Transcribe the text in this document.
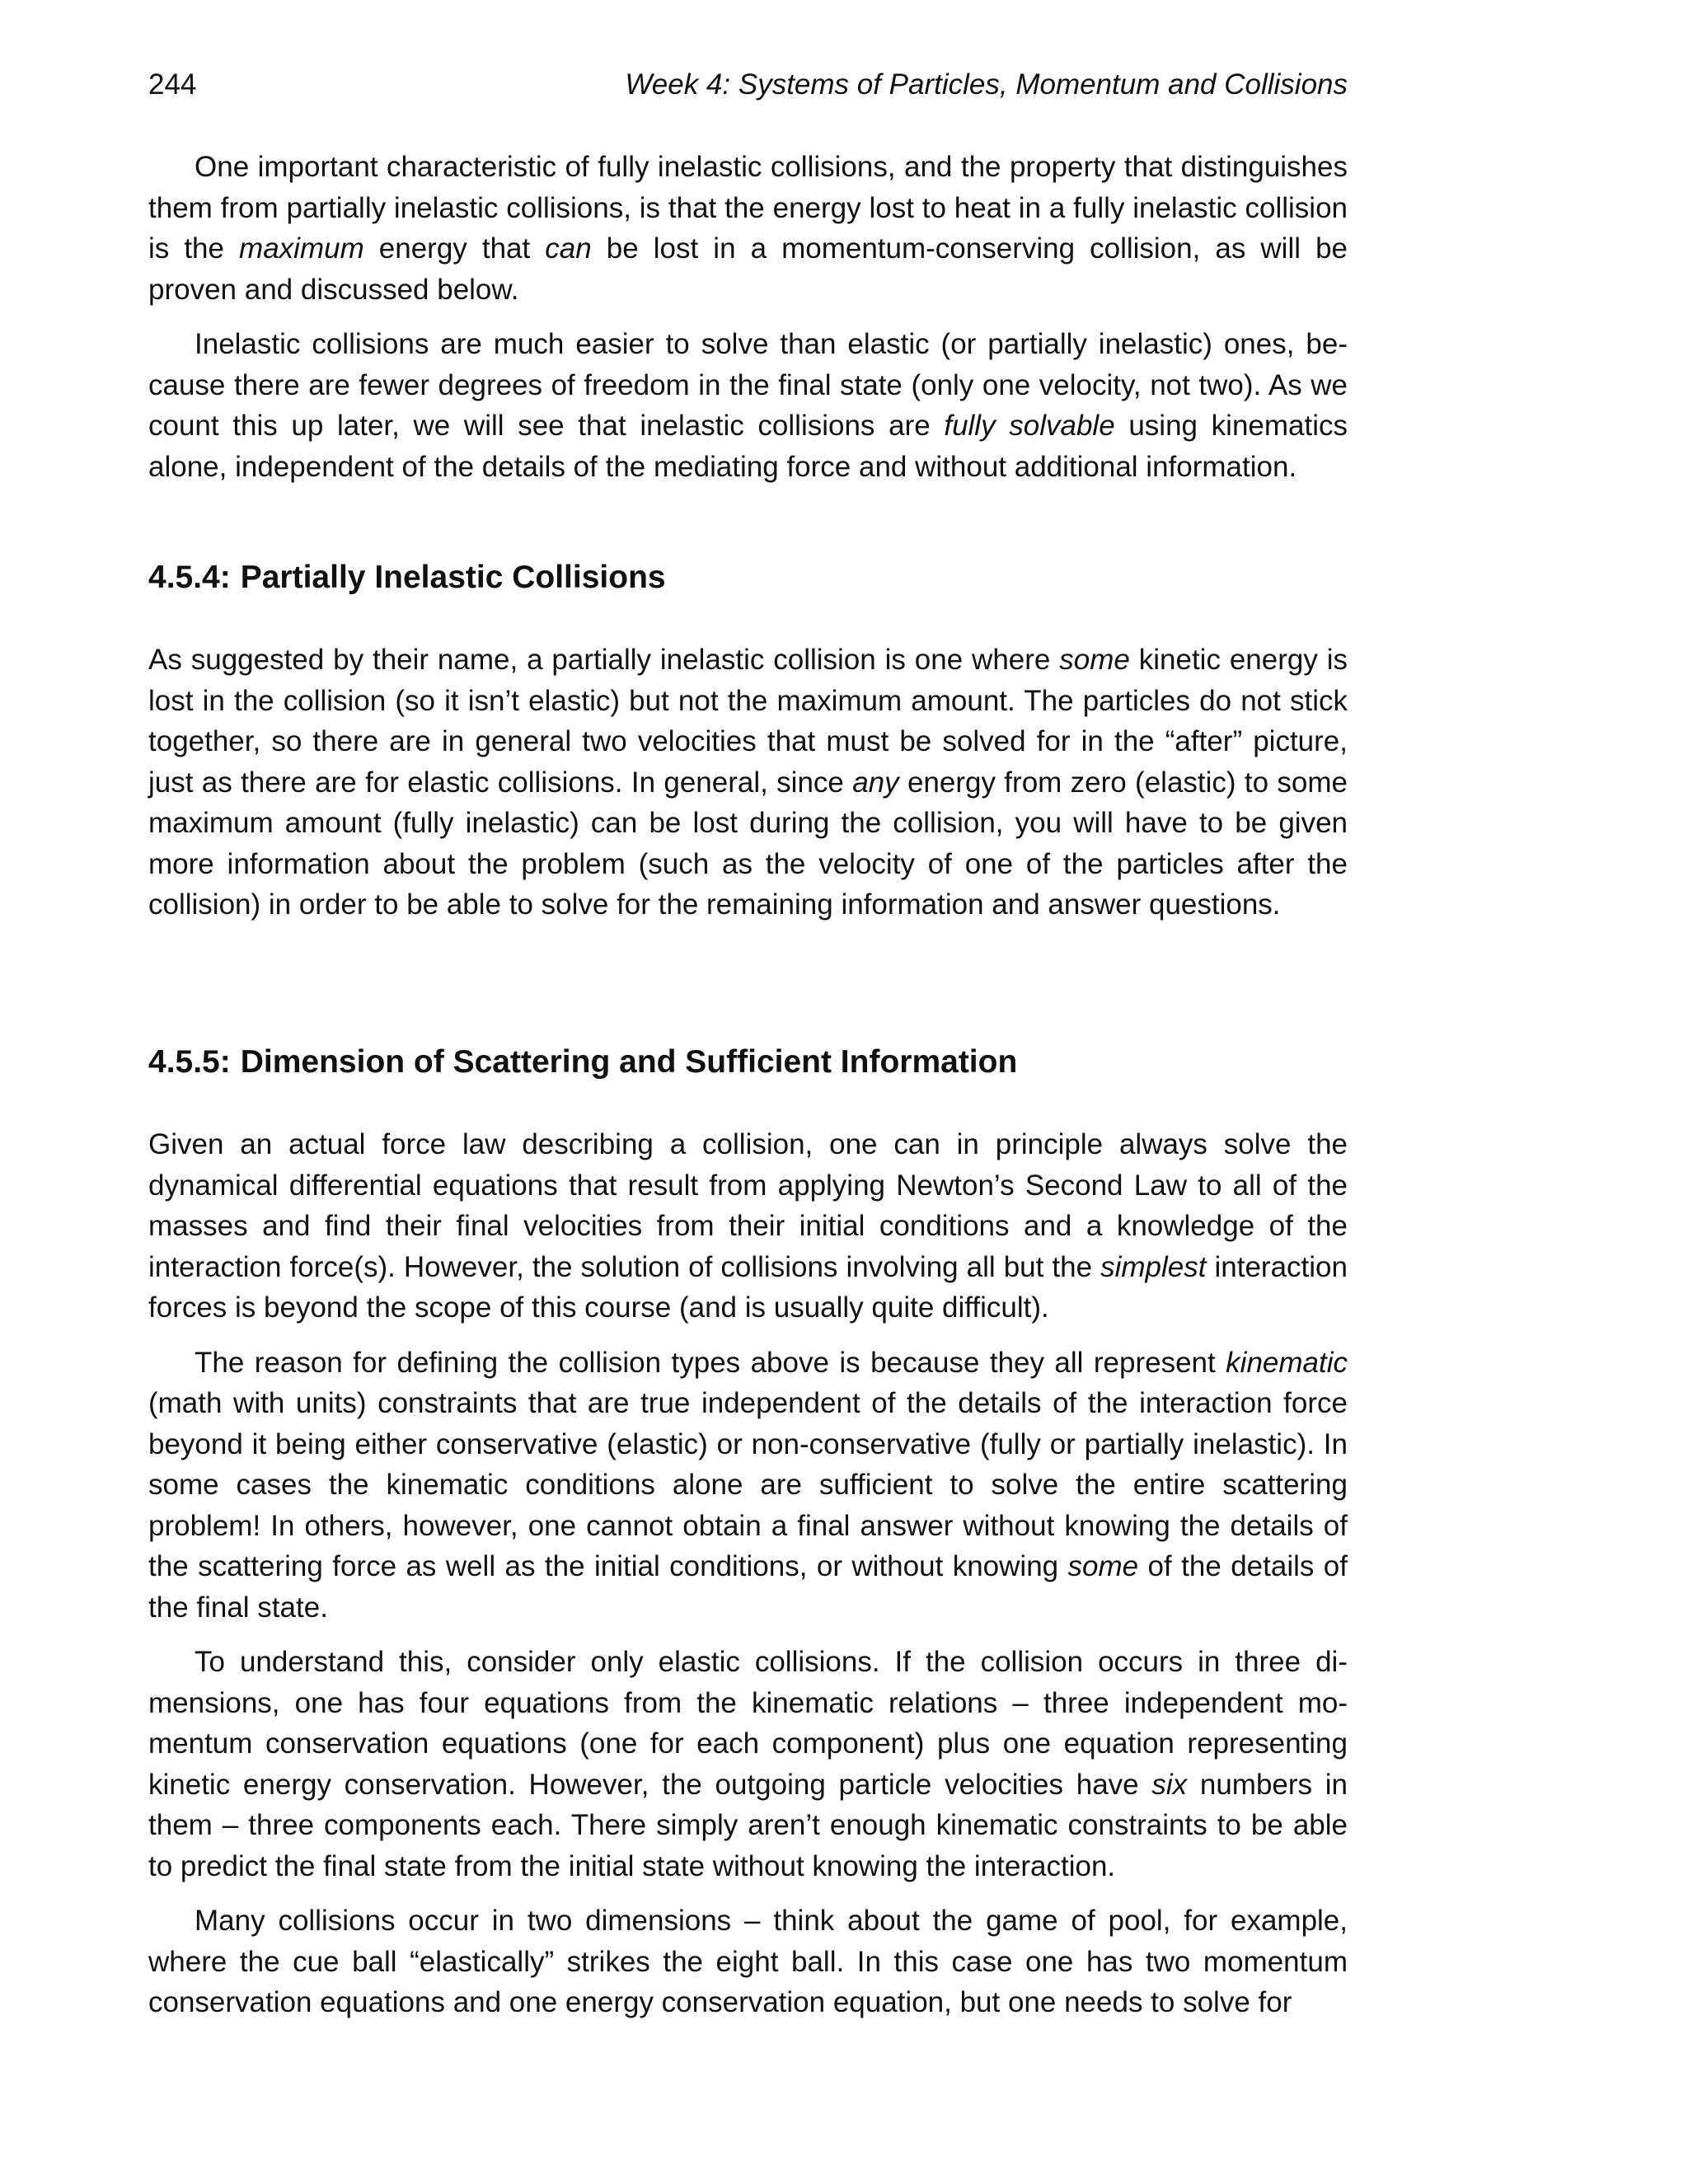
244	Week 4: Systems of Particles, Momentum and Collisions

One important characteristic of fully inelastic collisions, and the property that distinguishes them from partially inelastic collisions, is that the energy lost to heat in a fully inelastic collision is the maximum energy that can be lost in a momentum-conserving collision, as will be proven and discussed below.

Inelastic collisions are much easier to solve than elastic (or partially inelastic) ones, because there are fewer degrees of freedom in the final state (only one velocity, not two). As we count this up later, we will see that inelastic collisions are fully solvable using kinematics alone, independent of the details of the mediating force and without additional information.

4.5.4: Partially Inelastic Collisions

As suggested by their name, a partially inelastic collision is one where some kinetic energy is lost in the collision (so it isn’t elastic) but not the maximum amount. The particles do not stick together, so there are in general two velocities that must be solved for in the “after” picture, just as there are for elastic collisions. In general, since any energy from zero (elastic) to some maximum amount (fully inelastic) can be lost during the collision, you will have to be given more information about the problem (such as the velocity of one of the particles after the collision) in order to be able to solve for the remaining information and answer questions.

4.5.5: Dimension of Scattering and Sufficient Information

Given an actual force law describing a collision, one can in principle always solve the dynamical differential equations that result from applying Newton’s Second Law to all of the masses and find their final velocities from their initial conditions and a knowledge of the interaction force(s). However, the solution of collisions involving all but the simplest interaction forces is beyond the scope of this course (and is usually quite difficult).

The reason for defining the collision types above is because they all represent kinematic (math with units) constraints that are true independent of the details of the interaction force beyond it being either conservative (elastic) or non-conservative (fully or partially inelastic). In some cases the kinematic conditions alone are sufficient to solve the entire scattering problem! In others, however, one cannot obtain a final answer without knowing the details of the scattering force as well as the initial conditions, or without knowing some of the details of the final state.

To understand this, consider only elastic collisions. If the collision occurs in three dimensions, one has four equations from the kinematic relations – three independent momentum conservation equations (one for each component) plus one equation representing kinetic energy conservation. However, the outgoing particle velocities have six numbers in them – three components each. There simply aren’t enough kinematic constraints to be able to predict the final state from the initial state without knowing the interaction.

Many collisions occur in two dimensions – think about the game of pool, for example, where the cue ball “elastically” strikes the eight ball. In this case one has two momentum conservation equations and one energy conservation equation, but one needs to solve for
